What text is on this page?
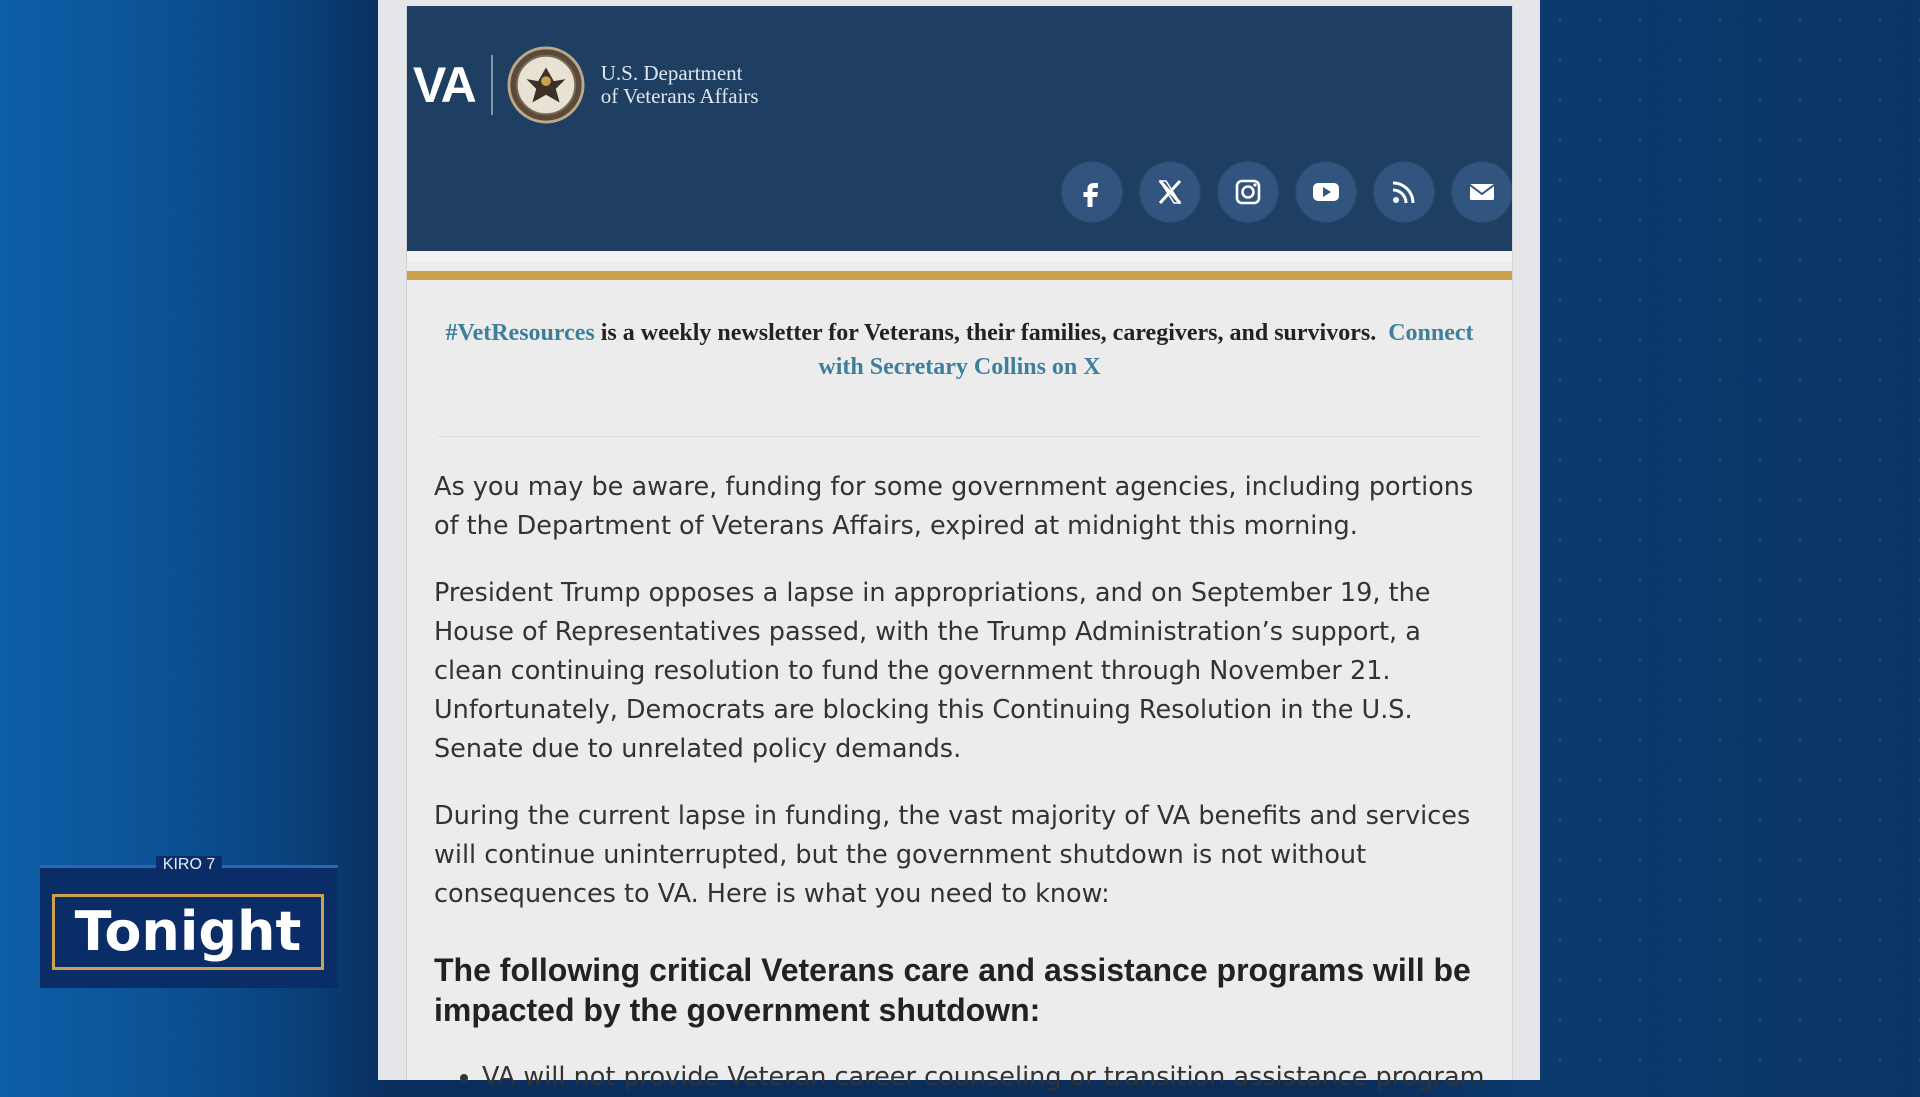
VA	U.S. Department
of Veterans Affairs
#VetResources is a weekly newsletter for Veterans, their families, caregivers, and survivors. Connect with Secretary Collins on X

As you may be aware, funding for some government agencies, including portions of the Department of Veterans Affairs, expired at midnight this morning.

President Trump opposes a lapse in appropriations, and on September 19, the House of Representatives passed, with the Trump Administration’s support, a clean continuing resolution to fund the government through November 21. Unfortunately, Democrats are blocking this Continuing Resolution in the U.S. Senate due to unrelated policy demands.

During the current lapse in funding, the vast majority of VA benefits and services will continue uninterrupted, but the government shutdown is not without consequences to VA. Here is what you need to know:

The following critical Veterans care and assistance programs will be impacted by the government shutdown:
• VA will not provide Veteran career counseling or transition assistance program
KIRO 7
Tonight
